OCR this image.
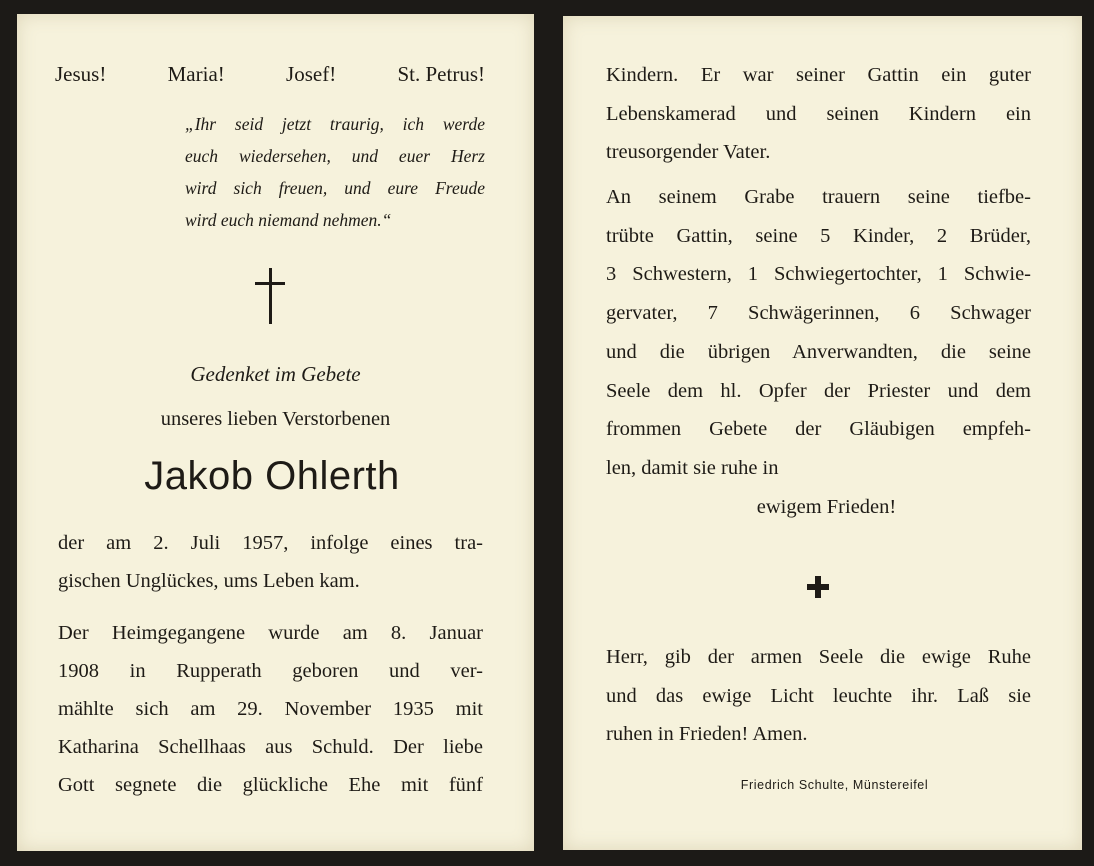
Jesus!	Maria!	Josef!	St. Petrus!
„Ihr seid jetzt traurig, ich werde
euch wiedersehen, und euer Herz
wird sich freuen, und eure Freude
wird euch niemand nehmen.“
Gedenket im Gebete
unseres lieben Verstorbenen
Jakob Ohlerth
der am 2. Juli 1957, infolge eines tra-
gischen Unglückes, ums Leben kam.
Der Heimgegangene wurde am 8. Januar
1908 in Rupperath geboren und ver-
mählte sich am 29. November 1935 mit
Katharina Schellhaas aus Schuld. Der liebe
Gott segnete die glückliche Ehe mit fünf
Kindern. Er war seiner Gattin ein guter
Lebenskamerad und seinen Kindern ein
treusorgender Vater.
An seinem Grabe trauern seine tiefbe-
trübte Gattin, seine 5 Kinder, 2 Brüder,
3 Schwestern, 1 Schwiegertochter, 1 Schwie-
gervater, 7 Schwägerinnen, 6 Schwager
und die übrigen Anverwandten, die seine
Seele dem hl. Opfer der Priester und dem
frommen Gebete der Gläubigen empfeh-
len, damit sie ruhe in
ewigem Frieden!
Herr, gib der armen Seele die ewige Ruhe
und das ewige Licht leuchte ihr. Laß sie
ruhen in Frieden! Amen.
Friedrich Schulte, Münstereifel
